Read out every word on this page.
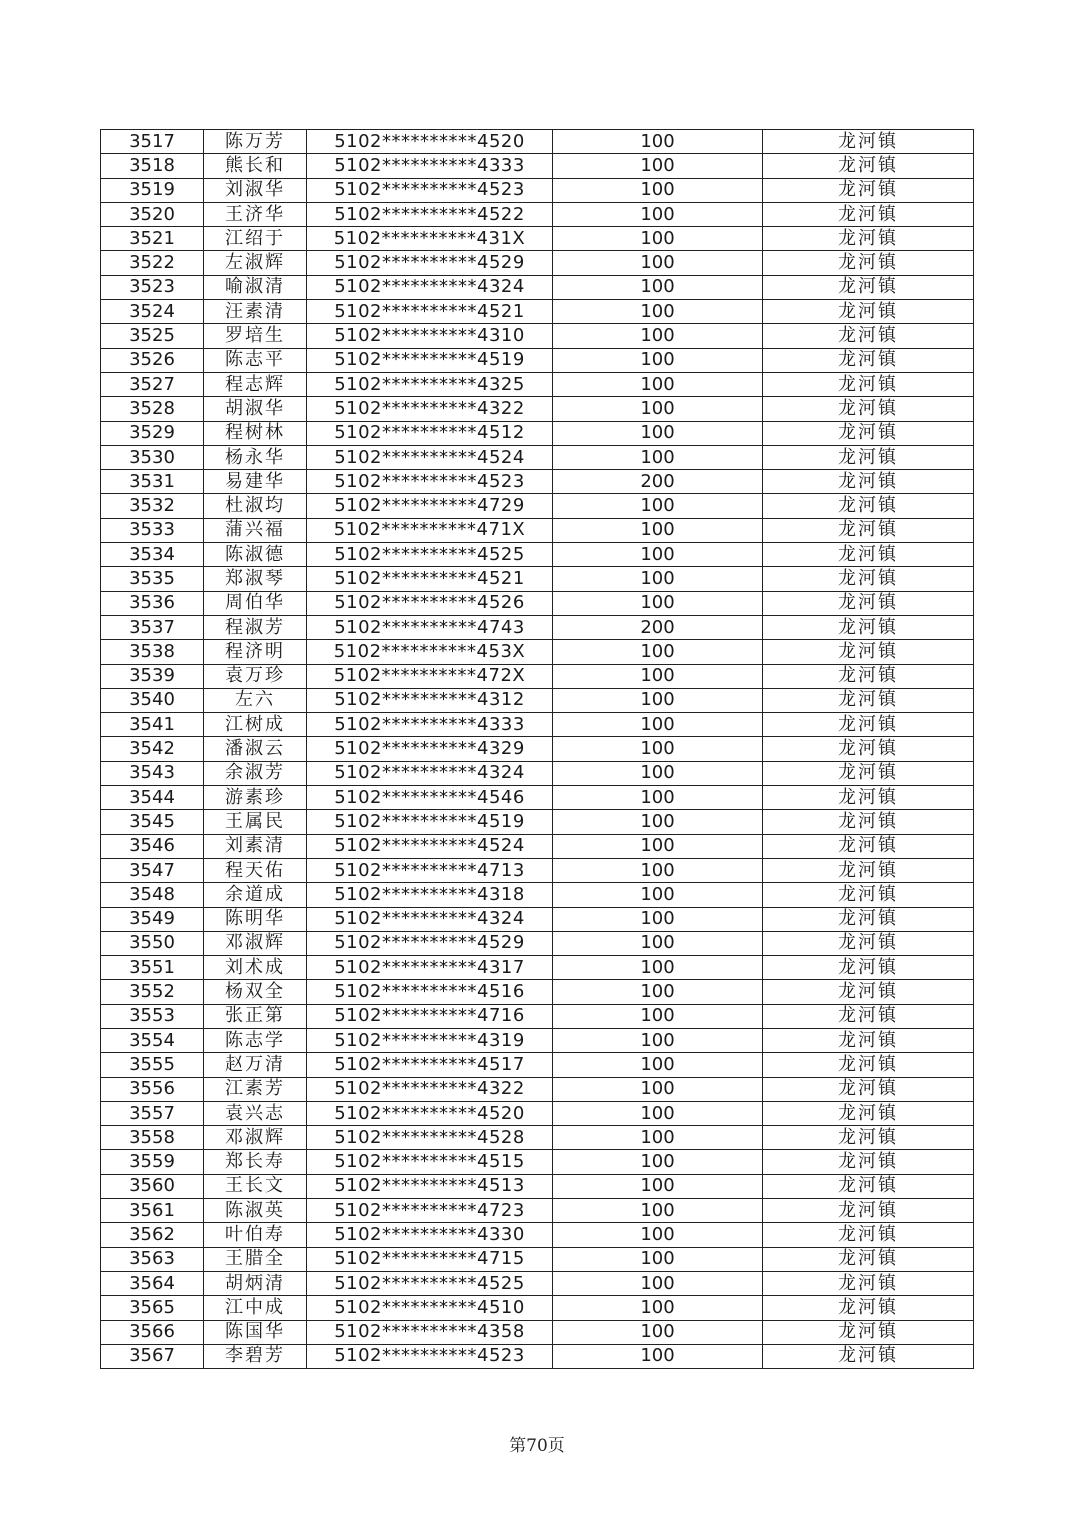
3517	陈万芳	5102**********4520	100	龙河镇
3518	熊长和	5102**********4333	100	龙河镇
3519	刘淑华	5102**********4523	100	龙河镇
3520	王济华	5102**********4522	100	龙河镇
3521	江绍于	5102**********431X	100	龙河镇
3522	左淑辉	5102**********4529	100	龙河镇
3523	喻淑清	5102**********4324	100	龙河镇
3524	汪素清	5102**********4521	100	龙河镇
3525	罗培生	5102**********4310	100	龙河镇
3526	陈志平	5102**********4519	100	龙河镇
3527	程志辉	5102**********4325	100	龙河镇
3528	胡淑华	5102**********4322	100	龙河镇
3529	程树林	5102**********4512	100	龙河镇
3530	杨永华	5102**********4524	100	龙河镇
3531	易建华	5102**********4523	200	龙河镇
3532	杜淑均	5102**********4729	100	龙河镇
3533	蒲兴福	5102**********471X	100	龙河镇
3534	陈淑德	5102**********4525	100	龙河镇
3535	郑淑琴	5102**********4521	100	龙河镇
3536	周伯华	5102**********4526	100	龙河镇
3537	程淑芳	5102**********4743	200	龙河镇
3538	程济明	5102**********453X	100	龙河镇
3539	袁万珍	5102**********472X	100	龙河镇
3540	左六	5102**********4312	100	龙河镇
3541	江树成	5102**********4333	100	龙河镇
3542	潘淑云	5102**********4329	100	龙河镇
3543	余淑芳	5102**********4324	100	龙河镇
3544	游素珍	5102**********4546	100	龙河镇
3545	王属民	5102**********4519	100	龙河镇
3546	刘素清	5102**********4524	100	龙河镇
3547	程天佑	5102**********4713	100	龙河镇
3548	余道成	5102**********4318	100	龙河镇
3549	陈明华	5102**********4324	100	龙河镇
3550	邓淑辉	5102**********4529	100	龙河镇
3551	刘术成	5102**********4317	100	龙河镇
3552	杨双全	5102**********4516	100	龙河镇
3553	张正第	5102**********4716	100	龙河镇
3554	陈志学	5102**********4319	100	龙河镇
3555	赵万清	5102**********4517	100	龙河镇
3556	江素芳	5102**********4322	100	龙河镇
3557	袁兴志	5102**********4520	100	龙河镇
3558	邓淑辉	5102**********4528	100	龙河镇
3559	郑长寿	5102**********4515	100	龙河镇
3560	王长文	5102**********4513	100	龙河镇
3561	陈淑英	5102**********4723	100	龙河镇
3562	叶伯寿	5102**********4330	100	龙河镇
3563	王腊全	5102**********4715	100	龙河镇
3564	胡炳清	5102**********4525	100	龙河镇
3565	江中成	5102**********4510	100	龙河镇
3566	陈国华	5102**********4358	100	龙河镇
3567	李碧芳	5102**********4523	100	龙河镇
第70页
